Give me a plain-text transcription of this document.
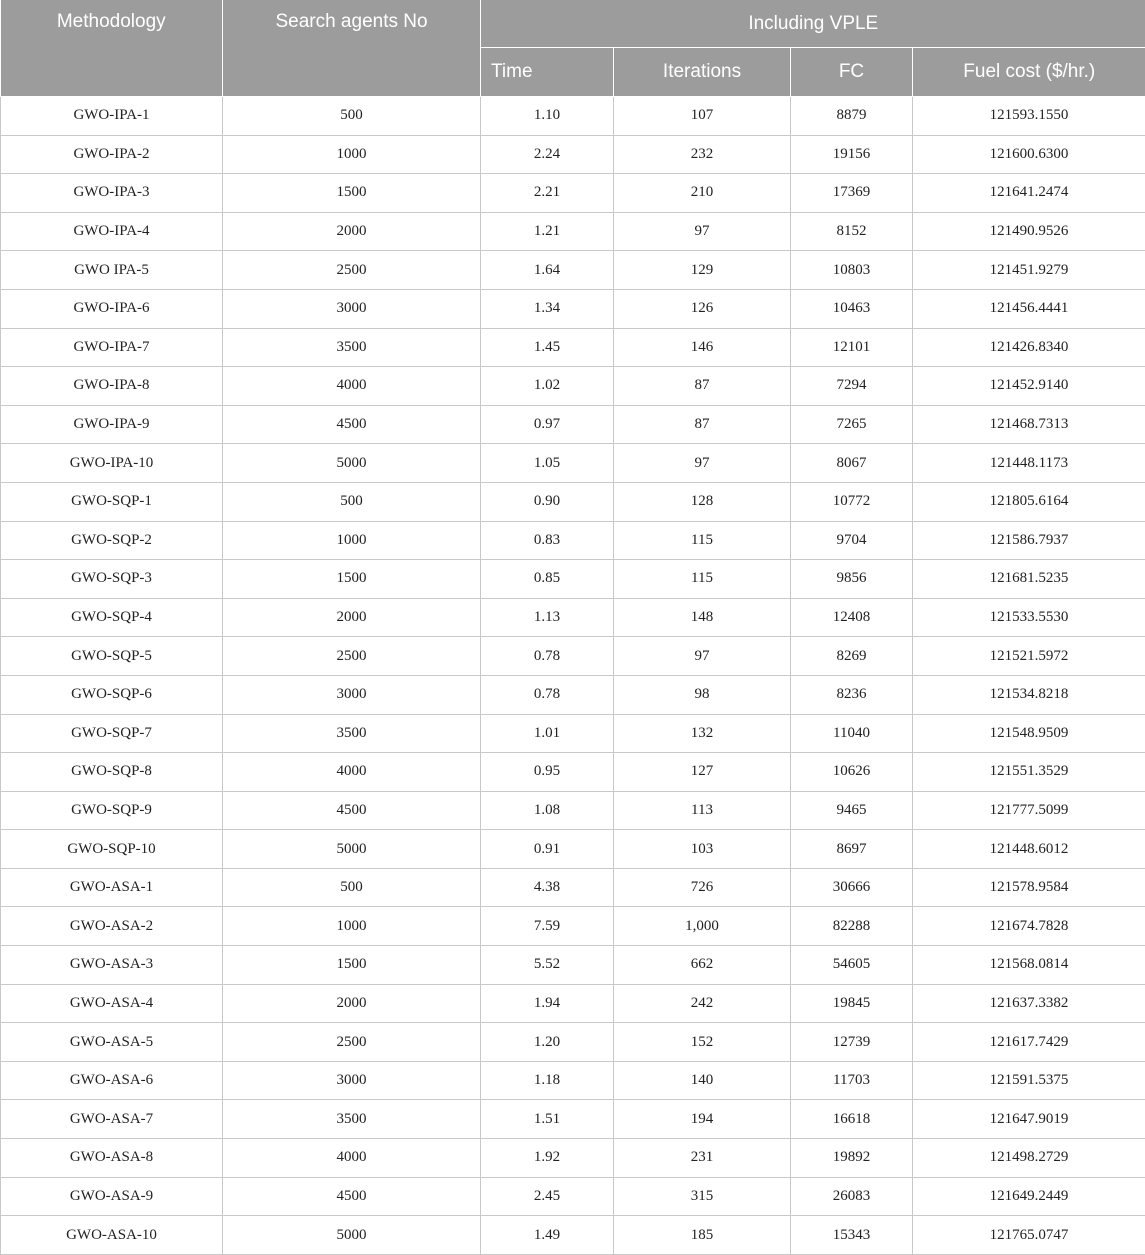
Methodology	Search agents No	Including VPLE			
		Time	Iterations	FC	Fuel cost ($/hr.)
GWO-IPA-1	500	1.10	107	8879	121593.1550
GWO-IPA-2	1000	2.24	232	19156	121600.6300
GWO-IPA-3	1500	2.21	210	17369	121641.2474
GWO-IPA-4	2000	1.21	97	8152	121490.9526
GWO IPA-5	2500	1.64	129	10803	121451.9279
GWO-IPA-6	3000	1.34	126	10463	121456.4441
GWO-IPA-7	3500	1.45	146	12101	121426.8340
GWO-IPA-8	4000	1.02	87	7294	121452.9140
GWO-IPA-9	4500	0.97	87	7265	121468.7313
GWO-IPA-10	5000	1.05	97	8067	121448.1173
GWO-SQP-1	500	0.90	128	10772	121805.6164
GWO-SQP-2	1000	0.83	115	9704	121586.7937
GWO-SQP-3	1500	0.85	115	9856	121681.5235
GWO-SQP-4	2000	1.13	148	12408	121533.5530
GWO-SQP-5	2500	0.78	97	8269	121521.5972
GWO-SQP-6	3000	0.78	98	8236	121534.8218
GWO-SQP-7	3500	1.01	132	11040	121548.9509
GWO-SQP-8	4000	0.95	127	10626	121551.3529
GWO-SQP-9	4500	1.08	113	9465	121777.5099
GWO-SQP-10	5000	0.91	103	8697	121448.6012
GWO-ASA-1	500	4.38	726	30666	121578.9584
GWO-ASA-2	1000	7.59	1,000	82288	121674.7828
GWO-ASA-3	1500	5.52	662	54605	121568.0814
GWO-ASA-4	2000	1.94	242	19845	121637.3382
GWO-ASA-5	2500	1.20	152	12739	121617.7429
GWO-ASA-6	3000	1.18	140	11703	121591.5375
GWO-ASA-7	3500	1.51	194	16618	121647.9019
GWO-ASA-8	4000	1.92	231	19892	121498.2729
GWO-ASA-9	4500	2.45	315	26083	121649.2449
GWO-ASA-10	5000	1.49	185	15343	121765.0747
